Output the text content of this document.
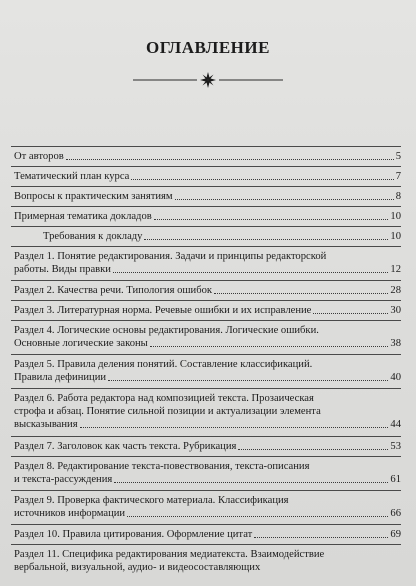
ОГЛАВЛЕНИЕ
От авторов	5
Тематический план курса	7
Вопросы к практическим занятиям	8
Примерная тематика докладов	10
Требования к докладу	10
Раздел 1. Понятие редактирования. Задачи и принципы редакторской
работы. Виды правки	12
Раздел 2. Качества речи. Типология ошибок	28
Раздел 3. Литературная норма. Речевые ошибки и их исправление	30
Раздел 4. Логические основы редактирования. Логические ошибки.
Основные логические законы	38
Раздел 5. Правила деления понятий. Составление классификаций.
Правила дефиниции	40
Раздел 6. Работа редактора над композицией текста. Прозаическая
строфа и абзац. Понятие сильной позиции и актуализации элемента
высказывания	44
Раздел 7. Заголовок как часть текста. Рубрикация	53
Раздел 8. Редактирование текста-повествования, текста-описания
и текста-рассуждения	61
Раздел 9. Проверка фактического материала. Классификация
источников информации	66
Раздел 10. Правила цитирования. Оформление цитат	69
Раздел 11. Специфика редактирования медиатекста. Взаимодействие
вербальной, визуальной, аудио- и видеосоставляющих
